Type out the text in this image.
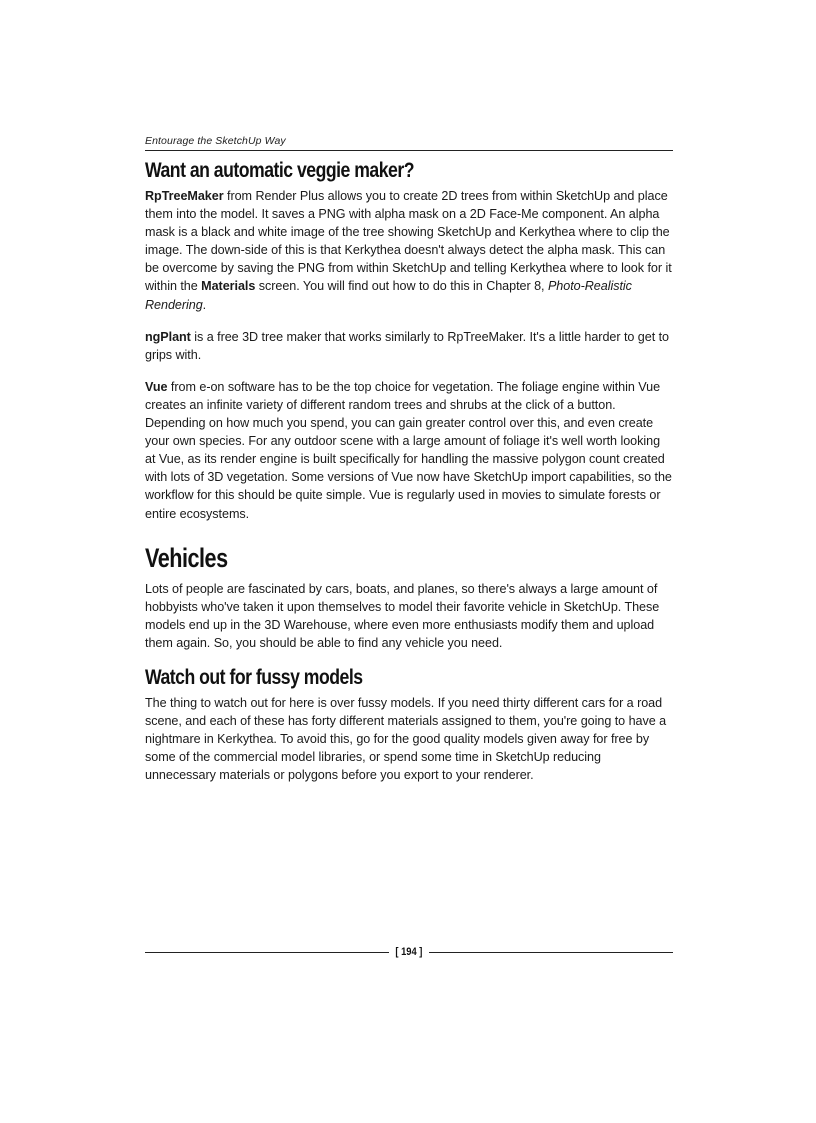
Entourage the SketchUp Way
Want an automatic veggie maker?

RpTreeMaker from Render Plus allows you to create 2D trees from within SketchUp and place them into the model. It saves a PNG with alpha mask on a 2D Face-Me component. An alpha mask is a black and white image of the tree showing SketchUp and Kerkythea where to clip the image. The down-side of this is that Kerkythea doesn't always detect the alpha mask. This can be overcome by saving the PNG from within SketchUp and telling Kerkythea where to look for it within the Materials screen. You will find out how to do this in Chapter 8, Photo-Realistic Rendering.

ngPlant is a free 3D tree maker that works similarly to RpTreeMaker. It's a little harder to get to grips with.

Vue from e-on software has to be the top choice for vegetation. The foliage engine within Vue creates an infinite variety of different random trees and shrubs at the click of a button. Depending on how much you spend, you can gain greater control over this, and even create your own species. For any outdoor scene with a large amount of foliage it's well worth looking at Vue, as its render engine is built specifically for handling the massive polygon count created with lots of 3D vegetation. Some versions of Vue now have SketchUp import capabilities, so the workflow for this should be quite simple. Vue is regularly used in movies to simulate forests or entire ecosystems.

Vehicles

Lots of people are fascinated by cars, boats, and planes, so there's always a large amount of hobbyists who've taken it upon themselves to model their favorite vehicle in SketchUp. These models end up in the 3D Warehouse, where even more enthusiasts modify them and upload them again. So, you should be able to find any vehicle you need.

Watch out for fussy models

The thing to watch out for here is over fussy models. If you need thirty different cars for a road scene, and each of these has forty different materials assigned to them, you're going to have a nightmare in Kerkythea. To avoid this, go for the good quality models given away for free by some of the commercial model libraries, or spend some time in SketchUp reducing unnecessary materials or polygons before you export to your renderer.

[ 194 ]
